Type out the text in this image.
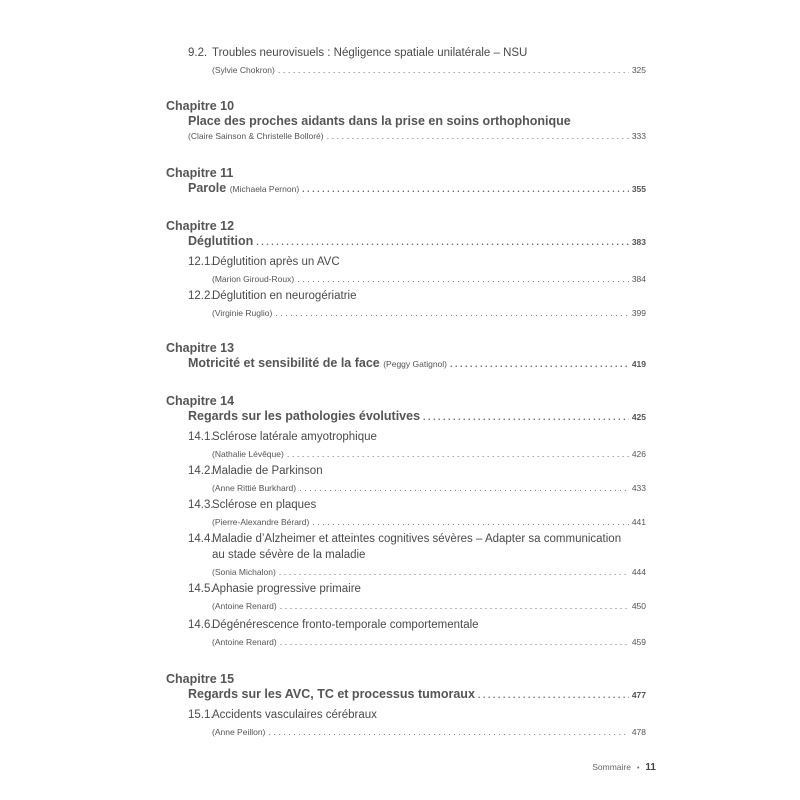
9.2. Troubles neurovisuels : Négligence spatiale unilatérale – NSU
(Sylvie Chokron) . . .	325
Chapitre 10
Place des proches aidants dans la prise en soins orthophonique
(Claire Sainson & Christelle Bolloré) . . .	333
Chapitre 11
Parole (Michaela Pernon) . . .	355
Chapitre 12
Déglutition . . .	383
12.1.Déglutition après un AVC
(Marion Giroud-Roux) . . .	384
12.2.Déglutition en neurogériatrie
(Virginie Ruglio) . . .	399
Chapitre 13
Motricité et sensibilité de la face (Peggy Gatignol) . . .	419
Chapitre 14
Regards sur les pathologies évolutives . . .	425
14.1.Sclérose latérale amyotrophique
(Nathalie Lévêque) . . .	426
14.2.Maladie de Parkinson
(Anne Rittié Burkhard) . . .	433
14.3.Sclérose en plaques
(Pierre-Alexandre Bérard) . . .	441
14.4.Maladie d’Alzheimer et atteintes cognitives sévères – Adapter sa communication
au stade sévère de la maladie
(Sonia Michalon) . . .	444
14.5.Aphasie progressive primaire
(Antoine Renard) . . .	450
14.6.Dégénérescence fronto-temporale comportementale
(Antoine Renard) . . .	459
Chapitre 15
Regards sur les AVC, TC et processus tumoraux . . .	477
15.1.Accidents vasculaires cérébraux
(Anne Peillon) . . .	478
Sommaire • 11
